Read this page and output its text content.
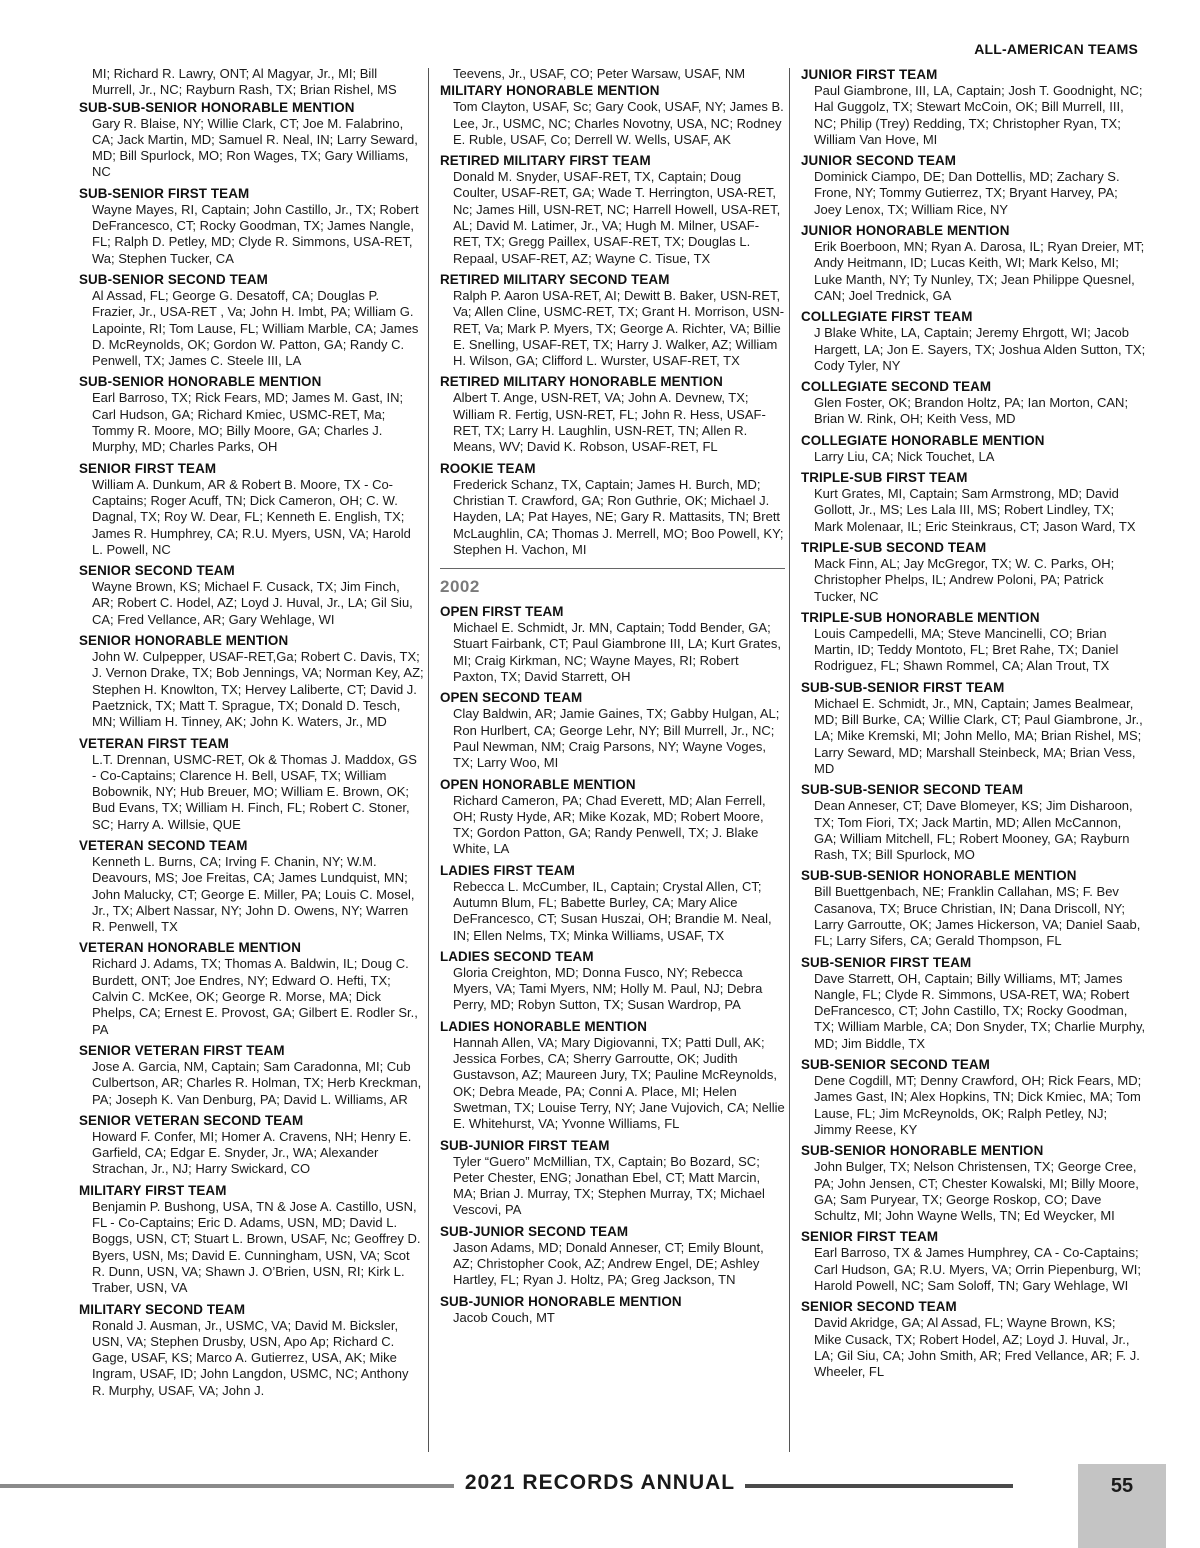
ALL-AMERICAN TEAMS
MI; Richard R. Lawry, ONT; Al Magyar, Jr., MI; Bill Murrell, Jr., NC; Rayburn Rash, TX; Brian Rishel, MS
SUB-SUB-SENIOR HONORABLE MENTION
Gary R. Blaise, NY; Willie Clark, CT; Joe M. Falabrino, CA; Jack Martin, MD; Samuel R. Neal, IN; Larry Seward, MD; Bill Spurlock, MO; Ron Wages, TX; Gary Williams, NC
SUB-SENIOR FIRST TEAM
Wayne Mayes, RI, Captain; John Castillo, Jr., TX; Robert DeFrancesco, CT; Rocky Goodman, TX; James Nangle, FL; Ralph D. Petley, MD; Clyde R. Simmons, USA-RET, Wa; Stephen Tucker, CA
SUB-SENIOR SECOND TEAM
Al Assad, FL; George G. Desatoff, CA; Douglas P. Frazier, Jr., USA-RET , Va; John H. Imbt, PA; William G. Lapointe, RI; Tom Lause, FL; William Marble, CA; James D. McReynolds, OK; Gordon W. Patton, GA; Randy C. Penwell, TX; James C. Steele III, LA
SUB-SENIOR HONORABLE MENTION
Earl Barroso, TX; Rick Fears, MD; James M. Gast, IN; Carl Hudson, GA; Richard Kmiec, USMC-RET, Ma; Tommy R. Moore, MO; Billy Moore, GA; Charles J. Murphy, MD; Charles Parks, OH
SENIOR FIRST TEAM
William A. Dunkum, AR & Robert B. Moore, TX - Co-Captains; Roger Acuff, TN; Dick Cameron, OH; C. W. Dagnal, TX; Roy W. Dear, FL; Kenneth E. English, TX; James R. Humphrey, CA; R.U. Myers, USN, VA; Harold L. Powell, NC
SENIOR SECOND TEAM
Wayne Brown, KS; Michael F. Cusack, TX; Jim Finch, AR; Robert C. Hodel, AZ; Loyd J. Huval, Jr., LA; Gil Siu, CA; Fred Vellance, AR; Gary Wehlage, WI
SENIOR HONORABLE MENTION
John W. Culpepper, USAF-RET,Ga; Robert C. Davis, TX; J. Vernon Drake, TX; Bob Jennings, VA; Norman Key, AZ; Stephen H. Knowlton, TX; Hervey Laliberte, CT; David J. Paetznick, TX; Matt T. Sprague, TX; Donald D. Tesch, MN; William H. Tinney, AK; John K. Waters, Jr., MD
VETERAN FIRST TEAM
L.T. Drennan, USMC-RET, Ok & Thomas J. Maddox, GS - Co-Captains; Clarence H. Bell, USAF, TX; William Bobownik, NY; Hub Breuer, MO; William E. Brown, OK; Bud Evans, TX; William H. Finch, FL; Robert C. Stoner, SC; Harry A. Willsie, QUE
VETERAN SECOND TEAM
Kenneth L. Burns, CA; Irving F. Chanin, NY; W.M. Deavours, MS; Joe Freitas, CA; James Lundquist, MN; John Malucky, CT; George E. Miller, PA; Louis C. Mosel, Jr., TX; Albert Nassar, NY; John D. Owens, NY; Warren R. Penwell, TX
VETERAN HONORABLE MENTION
Richard J. Adams, TX; Thomas A. Baldwin, IL; Doug C. Burdett, ONT; Joe Endres, NY; Edward O. Hefti, TX; Calvin C. McKee, OK; George R. Morse, MA; Dick Phelps, CA; Ernest E. Provost, GA; Gilbert E. Rodler Sr., PA
SENIOR VETERAN FIRST TEAM
Jose A. Garcia, NM, Captain; Sam Caradonna, MI; Cub Culbertson, AR; Charles R. Holman, TX; Herb Kreckman, PA; Joseph K. Van Denburg, PA; David L. Williams, AR
SENIOR VETERAN SECOND TEAM
Howard F. Confer, MI; Homer A. Cravens, NH; Henry E. Garfield, CA; Edgar E. Snyder, Jr., WA; Alexander Strachan, Jr., NJ; Harry Swickard, CO
MILITARY FIRST TEAM
Benjamin P. Bushong, USA, TN & Jose A. Castillo, USN, FL - Co-Captains; Eric D. Adams, USN, MD; David L. Boggs, USN, CT; Stuart L. Brown, USAF, Nc; Geoffrey D. Byers, USN, Ms; David E. Cunningham, USN, VA; Scot R. Dunn, USN, VA; Shawn J. O’Brien, USN, RI; Kirk L. Traber, USN, VA
MILITARY SECOND TEAM
Ronald J. Ausman, Jr., USMC, VA; David M. Bicksler, USN, VA; Stephen Drusby, USN, Apo Ap; Richard C. Gage, USAF, KS; Marco A. Gutierrez, USA, AK; Mike Ingram, USAF, ID; John Langdon, USMC, NC; Anthony R. Murphy, USAF, VA; John J.
Teevens, Jr., USAF, CO; Peter Warsaw, USAF, NM
MILITARY HONORABLE MENTION
Tom Clayton, USAF, Sc; Gary Cook, USAF, NY; James B. Lee, Jr., USMC, NC; Charles Novotny, USA, NC; Rodney E. Ruble, USAF, Co; Derrell W. Wells, USAF, AK
RETIRED MILITARY FIRST TEAM
Donald M. Snyder, USAF-RET, TX, Captain; Doug Coulter, USAF-RET, GA; Wade T. Herrington, USA-RET, Nc; James Hill, USN-RET, NC; Harrell Howell, USA-RET, AL; David M. Latimer, Jr., VA; Hugh M. Milner, USAF-RET, TX; Gregg Paillex, USAF-RET, TX; Douglas L. Repaal, USAF-RET, AZ; Wayne C. Tisue, TX
RETIRED MILITARY SECOND TEAM
Ralph P. Aaron USA-RET, AI; Dewitt B. Baker, USN-RET, Va; Allen Cline, USMC-RET, TX; Grant H. Morrison, USN-RET, Va; Mark P. Myers, TX; George A. Richter, VA; Billie E. Snelling, USAF-RET, TX; Harry J. Walker, AZ; William H. Wilson, GA; Clifford L. Wurster, USAF-RET, TX
RETIRED MILITARY HONORABLE MENTION
Albert T. Ange, USN-RET, VA; John A. Devnew, TX; William R. Fertig, USN-RET, FL; John R. Hess, USAF-RET, TX; Larry H. Laughlin, USN-RET, TN; Allen R. Means, WV; David K. Robson, USAF-RET, FL
ROOKIE TEAM
Frederick Schanz, TX, Captain; James H. Burch, MD; Christian T. Crawford, GA; Ron Guthrie, OK; Michael J. Hayden, LA; Pat Hayes, NE; Gary R. Mattasits, TN; Brett McLaughlin, CA; Thomas J. Merrell, MO; Boo Powell, KY; Stephen H. Vachon, MI
2002
OPEN FIRST TEAM
Michael E. Schmidt, Jr. MN, Captain; Todd Bender, GA; Stuart Fairbank, CT; Paul Giambrone III, LA; Kurt Grates, MI; Craig Kirkman, NC; Wayne Mayes, RI; Robert Paxton, TX; David Starrett, OH
OPEN SECOND TEAM
Clay Baldwin, AR; Jamie Gaines, TX; Gabby Hulgan, AL; Ron Hurlbert, CA; George Lehr, NY; Bill Murrell, Jr., NC; Paul Newman, NM; Craig Parsons, NY; Wayne Voges, TX; Larry Woo, MI
OPEN HONORABLE MENTION
Richard Cameron, PA; Chad Everett, MD; Alan Ferrell, OH; Rusty Hyde, AR; Mike Kozak, MD; Robert Moore, TX; Gordon Patton, GA; Randy Penwell, TX; J. Blake White, LA
LADIES FIRST TEAM
Rebecca L. McCumber, IL, Captain; Crystal Allen, CT; Autumn Blum, FL; Babette Burley, CA; Mary Alice DeFrancesco, CT; Susan Huszai, OH; Brandie M. Neal, IN; Ellen Nelms, TX; Minka Williams, USAF, TX
LADIES SECOND TEAM
Gloria Creighton, MD; Donna Fusco, NY; Rebecca Myers, VA; Tami Myers, NM; Holly M. Paul, NJ; Debra Perry, MD; Robyn Sutton, TX; Susan Wardrop, PA
LADIES HONORABLE MENTION
Hannah Allen, VA; Mary Digiovanni, TX; Patti Dull, AK; Jessica Forbes, CA; Sherry Garroutte, OK; Judith Gustavson, AZ; Maureen Jury, TX; Pauline McReynolds, OK; Debra Meade, PA; Conni A. Place, MI; Helen Swetman, TX; Louise Terry, NY; Jane Vujovich, CA; Nellie E. Whitehurst, VA; Yvonne Williams, FL
SUB-JUNIOR FIRST TEAM
Tyler “Guero” McMillian, TX, Captain; Bo Bozard, SC; Peter Chester, ENG; Jonathan Ebel, CT; Matt Marcin, MA; Brian J. Murray, TX; Stephen Murray, TX; Michael Vescovi, PA
SUB-JUNIOR SECOND TEAM
Jason Adams, MD; Donald Anneser, CT; Emily Blount, AZ; Christopher Cook, AZ; Andrew Engel, DE; Ashley Hartley, FL; Ryan J. Holtz, PA; Greg Jackson, TN
SUB-JUNIOR HONORABLE MENTION
Jacob Couch, MT
JUNIOR FIRST TEAM
Paul Giambrone, III, LA, Captain; Josh T. Goodnight, NC; Hal Guggolz, TX; Stewart McCoin, OK; Bill Murrell, III, NC; Philip (Trey) Redding, TX; Christopher Ryan, TX; William Van Hove, MI
JUNIOR SECOND TEAM
Dominick Ciampo, DE; Dan Dottellis, MD; Zachary S. Frone, NY; Tommy Gutierrez, TX; Bryant Harvey, PA; Joey Lenox, TX; William Rice, NY
JUNIOR HONORABLE MENTION
Erik Boerboon, MN; Ryan A. Darosa, IL; Ryan Dreier, MT; Andy Heitmann, ID; Lucas Keith, WI; Mark Kelso, MI; Luke Manth, NY; Ty Nunley, TX; Jean Philippe Quesnel, CAN; Joel Trednick, GA
COLLEGIATE FIRST TEAM
J Blake White, LA, Captain; Jeremy Ehrgott, WI; Jacob Hargett, LA; Jon E. Sayers, TX; Joshua Alden Sutton, TX; Cody Tyler, NY
COLLEGIATE SECOND TEAM
Glen Foster, OK; Brandon Holtz, PA; Ian Morton, CAN; Brian W. Rink, OH; Keith Vess, MD
COLLEGIATE HONORABLE MENTION
Larry Liu, CA; Nick Touchet, LA
TRIPLE-SUB FIRST TEAM
Kurt Grates, MI, Captain; Sam Armstrong, MD; David Gollott, Jr., MS; Les Lala III, MS; Robert Lindley, TX; Mark Molenaar, IL; Eric Steinkraus, CT; Jason Ward, TX
TRIPLE-SUB SECOND TEAM
Mack Finn, AL; Jay McGregor, TX; W. C. Parks, OH; Christopher Phelps, IL; Andrew Poloni, PA; Patrick Tucker, NC
TRIPLE-SUB HONORABLE MENTION
Louis Campedelli, MA; Steve Mancinelli, CO; Brian Martin, ID; Teddy Montoto, FL; Bret Rahe, TX; Daniel Rodriguez, FL; Shawn Rommel, CA; Alan Trout, TX
SUB-SUB-SENIOR FIRST TEAM
Michael E. Schmidt, Jr., MN, Captain; James Bealmear, MD; Bill Burke, CA; Willie Clark, CT; Paul Giambrone, Jr., LA; Mike Kremski, MI; John Mello, MA; Brian Rishel, MS; Larry Seward, MD; Marshall Steinbeck, MA; Brian Vess, MD
SUB-SUB-SENIOR SECOND TEAM
Dean Anneser, CT; Dave Blomeyer, KS; Jim Disharoon, TX; Tom Fiori, TX; Jack Martin, MD; Allen McCannon, GA; William Mitchell, FL; Robert Mooney, GA; Rayburn Rash, TX; Bill Spurlock, MO
SUB-SUB-SENIOR HONORABLE MENTION
Bill Buettgenbach, NE; Franklin Callahan, MS; F. Bev Casanova, TX; Bruce Christian, IN; Dana Driscoll, NY; Larry Garroutte, OK; James Hickerson, VA; Daniel Saab, FL; Larry Sifers, CA; Gerald Thompson, FL
SUB-SENIOR FIRST TEAM
Dave Starrett, OH, Captain; Billy Williams, MT; James Nangle, FL; Clyde R. Simmons, USA-RET, WA; Robert DeFrancesco, CT; John Castillo, TX; Rocky Goodman, TX; William Marble, CA; Don Snyder, TX; Charlie Murphy, MD; Jim Biddle, TX
SUB-SENIOR SECOND TEAM
Dene Cogdill, MT; Denny Crawford, OH; Rick Fears, MD; James Gast, IN; Alex Hopkins, TN; Dick Kmiec, MA; Tom Lause, FL; Jim McReynolds, OK; Ralph Petley, NJ; Jimmy Reese, KY
SUB-SENIOR HONORABLE MENTION
John Bulger, TX; Nelson Christensen, TX; George Cree, PA; John Jensen, CT; Chester Kowalski, MI; Billy Moore, GA; Sam Puryear, TX; George Roskop, CO; Dave Schultz, MI; John Wayne Wells, TN; Ed Weycker, MI
SENIOR FIRST TEAM
Earl Barroso, TX & James Humphrey, CA - Co-Captains; Carl Hudson, GA; R.U. Myers, VA; Orrin Piepenburg, WI; Harold Powell, NC; Sam Soloff, TN; Gary Wehlage, WI
SENIOR SECOND TEAM
David Akridge, GA; Al Assad, FL; Wayne Brown, KS; Mike Cusack, TX; Robert Hodel, AZ; Loyd J. Huval, Jr., LA; Gil Siu, CA; John Smith, AR; Fred Vellance, AR; F. J. Wheeler, FL
2021 RECORDS ANNUAL	55
